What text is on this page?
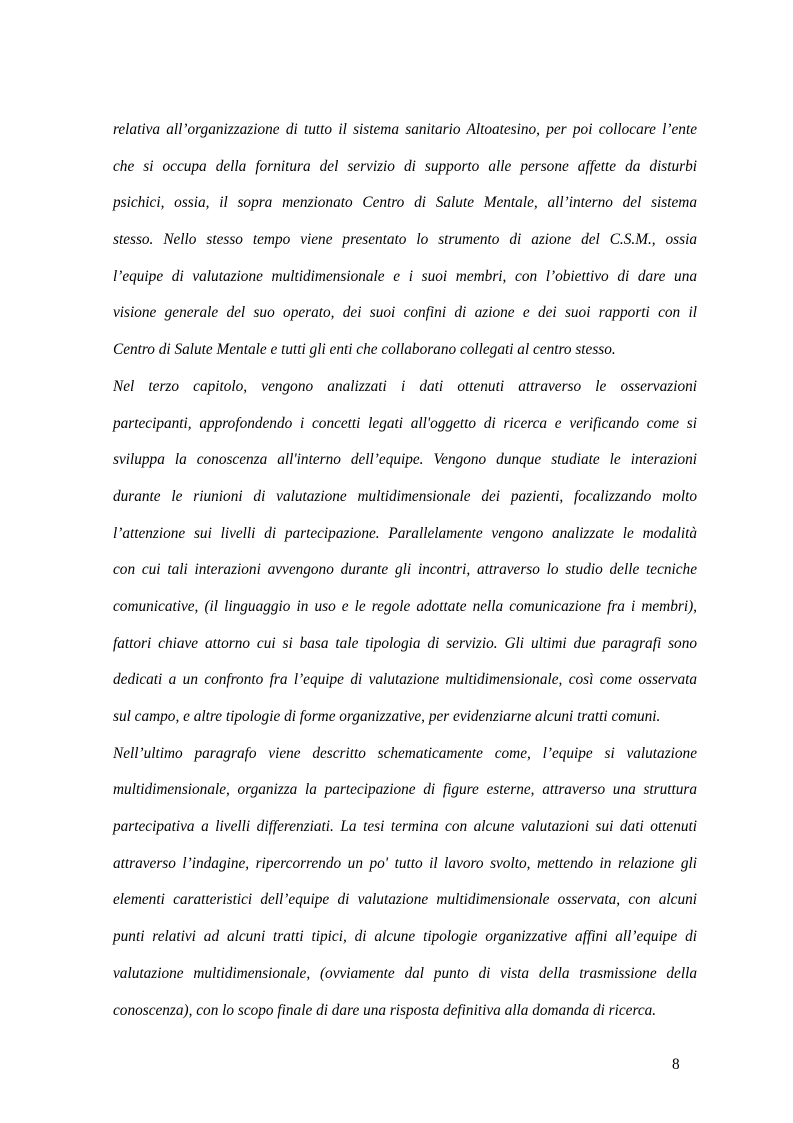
relativa all’organizzazione di tutto il sistema sanitario Altoatesino, per poi collocare l’ente
che si occupa della fornitura del servizio di supporto alle persone affette da disturbi
psichici, ossia, il sopra menzionato Centro di Salute Mentale, all’interno del sistema
stesso. Nello stesso tempo viene presentato lo strumento di azione del C.S.M., ossia
l’equipe di valutazione multidimensionale e i suoi membri, con l’obiettivo di dare una
visione generale del suo operato, dei suoi confini di azione e dei suoi rapporti con il
Centro di Salute Mentale e tutti gli enti che collaborano collegati al centro stesso.
Nel terzo capitolo, vengono analizzati i dati ottenuti attraverso le osservazioni
partecipanti, approfondendo i concetti legati all'oggetto di ricerca e verificando come si
sviluppa la conoscenza all'interno dell’equipe. Vengono dunque studiate le interazioni
durante le riunioni di valutazione multidimensionale dei pazienti, focalizzando molto
l’attenzione sui livelli di partecipazione. Parallelamente vengono analizzate le modalità
con cui tali interazioni avvengono durante gli incontri, attraverso lo studio delle tecniche
comunicative, (il linguaggio in uso e le regole adottate nella comunicazione fra i membri),
fattori chiave attorno cui si basa tale tipologia di servizio. Gli ultimi due paragrafi sono
dedicati a un confronto fra l’equipe di valutazione multidimensionale, così come osservata
sul campo, e altre tipologie di forme organizzative, per evidenziarne alcuni tratti comuni.
Nell’ultimo paragrafo viene descritto schematicamente come, l’equipe si valutazione
multidimensionale, organizza la partecipazione di figure esterne, attraverso una struttura
partecipativa a livelli differenziati. La tesi termina con alcune valutazioni sui dati ottenuti
attraverso l’indagine, ripercorrendo un po' tutto il lavoro svolto, mettendo in relazione gli
elementi caratteristici dell’equipe di valutazione multidimensionale osservata, con alcuni
punti relativi ad alcuni tratti tipici, di alcune tipologie organizzative affini all’equipe di
valutazione multidimensionale, (ovviamente dal punto di vista della trasmissione della
conoscenza), con lo scopo finale di dare una risposta definitiva alla domanda di ricerca.
8
